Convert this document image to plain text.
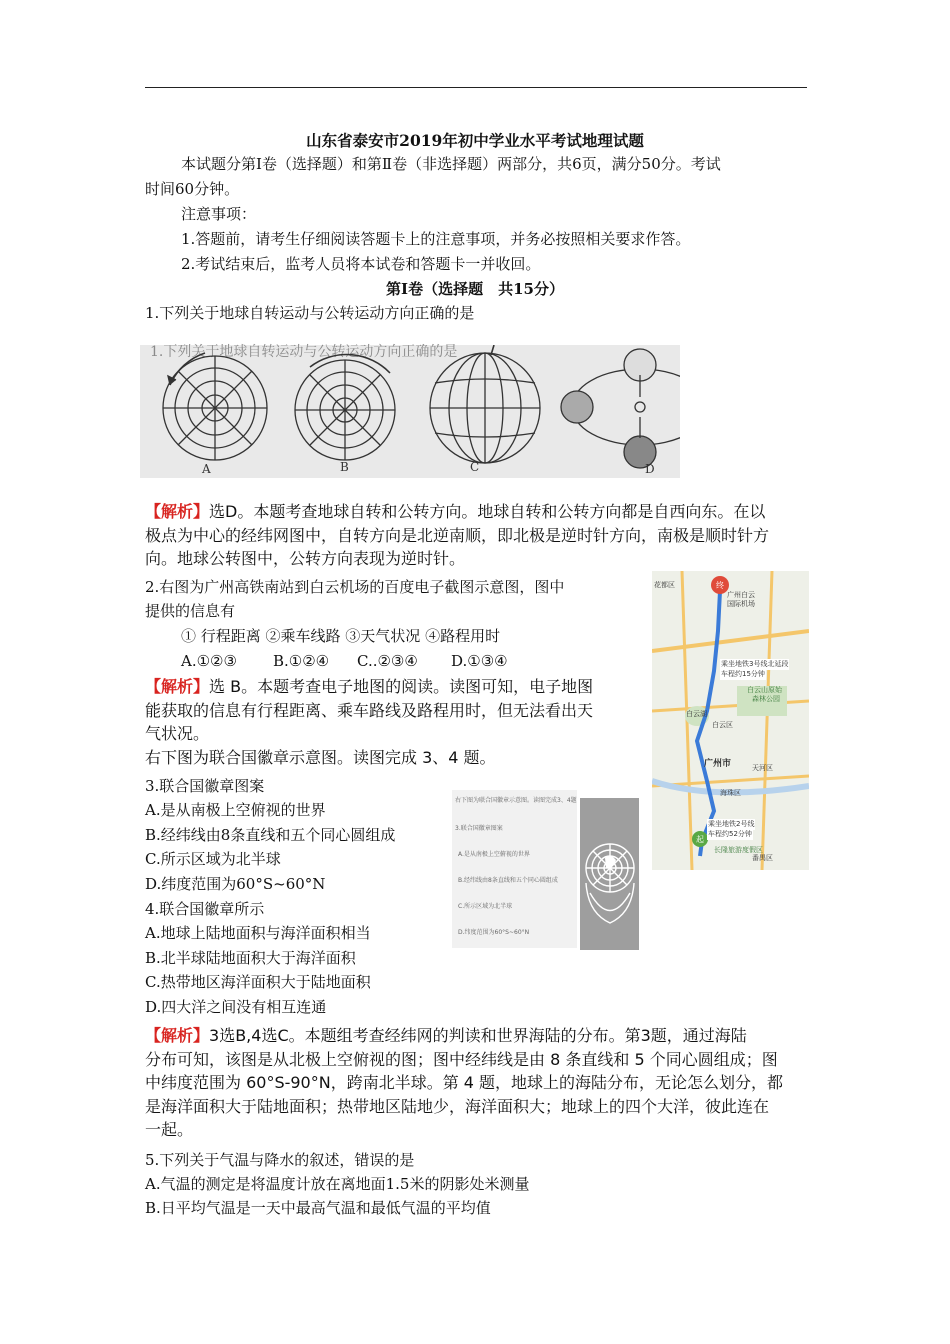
山东省泰安市2019年初中学业水平考试地理试题
本试题分第Ⅰ卷（选择题）和第Ⅱ卷（非选择题）两部分，共6页，满分50分。考试
时间60分钟。
注意事项：
1.答题前，请考生仔细阅读答题卡上的注意事项，并务必按照相关要求作答。
2.考试结束后，监考人员将本试卷和答题卡一并收回。
第Ⅰ卷（选择题　共15分）
1.下列关于地球自转运动与公转运动方向正确的是
1.下列关于地球自转运动与公转运动方向正确的是
A	B	C	D
【解析】选D。本题考查地球自转和公转方向。地球自转和公转方向都是自西向东。在以
极点为中心的经纬网图中，自转方向是北逆南顺，即北极是逆时针方向，南极是顺时针方
向。地球公转图中，公转方向表现为逆时针。
2.右图为广州高铁南站到白云机场的百度电子截图示意图，图中
提供的信息有
① 行程距离 ②乘车线路 ③天气状况 ④路程用时
A.①②③ B.①②④ C..②③④ D.①③④
【解析】选 B。本题考查电子地图的阅读。读图可知，电子地图
能获取的信息有行程距离、乘车路线及路程用时，但无法看出天
气状况。
右下图为联合国徽章示意图。读图完成 3、4 题。
花都区	终
广州白云
国际机场
乘坐地铁3号线北延段
车程约15分钟
白云山原始
森林公园
白云湖
白云区
广州市	天河区
海珠区
乘坐地铁2号线
车程约52分钟
起
长隆旅游度假区
番禺区
3.联合国徽章图案
A.是从南极上空俯视的世界
B.经纬线由8条直线和五个同心圆组成
C.所示区域为北半球
D.纬度范围为60°S~60°N
4.联合国徽章所示
A.地球上陆地面积与海洋面积相当
B.北半球陆地面积大于海洋面积
C.热带地区海洋面积大于陆地面积
D.四大洋之间没有相互连通
右下图为联合国徽章示意图。读图完成3、4题
3.联合国徽章图案
A.是从南极上空俯视的世界
B.经纬线由8条直线和五个同心圆组成
C.所示区域为北半球
D.纬度范围为60°S~60°N
【解析】3选B,4选C。本题组考查经纬网的判读和世界海陆的分布。第3题，通过海陆
分布可知，该图是从北极上空俯视的图；图中经纬线是由 8 条直线和 5 个同心圆组成；图
中纬度范围为 60°S-90°N，跨南北半球。第 4 题，地球上的海陆分布，无论怎么划分，都
是海洋面积大于陆地面积；热带地区陆地少，海洋面积大；地球上的四个大洋，彼此连在
一起。
5.下列关于气温与降水的叙述，错误的是
A.气温的测定是将温度计放在离地面1.5米的阴影处米测量
B.日平均气温是一天中最高气温和最低气温的平均值
